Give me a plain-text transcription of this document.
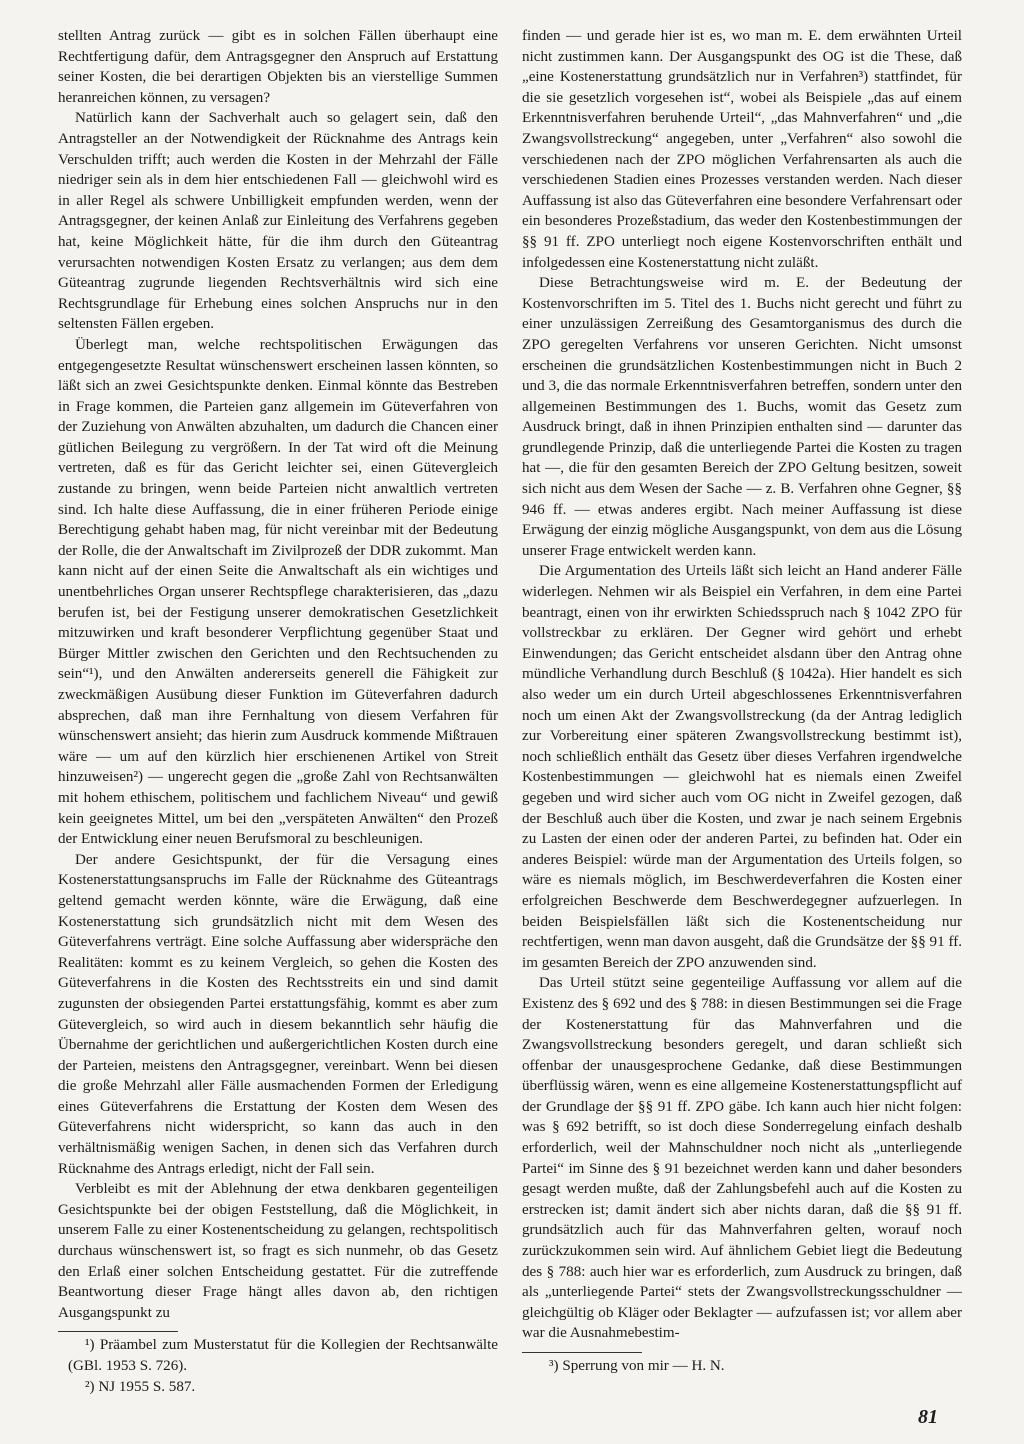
stellten Antrag zurück — gibt es in solchen Fällen überhaupt eine Rechtfertigung dafür, dem Antragsgegner den Anspruch auf Erstattung seiner Kosten, die bei derartigen Objekten bis an vierstellige Summen heranreichen können, zu versagen?

Natürlich kann der Sachverhalt auch so gelagert sein, daß den Antragsteller an der Notwendigkeit der Rücknahme des Antrags kein Verschulden trifft; auch werden die Kosten in der Mehrzahl der Fälle niedriger sein als in dem hier entschiedenen Fall — gleichwohl wird es in aller Regel als schwere Unbilligkeit empfunden werden, wenn der Antragsgegner, der keinen Anlaß zur Einleitung des Verfahrens gegeben hat, keine Möglichkeit hätte, für die ihm durch den Güteantrag verursachten notwendigen Kosten Ersatz zu verlangen; aus dem dem Güteantrag zugrunde liegenden Rechtsverhältnis wird sich eine Rechtsgrundlage für Erhebung eines solchen Anspruchs nur in den seltensten Fällen ergeben.

Überlegt man, welche rechtspolitischen Erwägungen das entgegengesetzte Resultat wünschenswert erscheinen lassen könnten, so läßt sich an zwei Gesichtspunkte denken. Einmal könnte das Bestreben in Frage kommen, die Parteien ganz allgemein im Güteverfahren von der Zuziehung von Anwälten abzuhalten, um dadurch die Chancen einer gütlichen Beilegung zu vergrößern. In der Tat wird oft die Meinung vertreten, daß es für das Gericht leichter sei, einen Gütevergleich zustande zu bringen, wenn beide Parteien nicht anwaltlich vertreten sind. Ich halte diese Auffassung, die in einer früheren Periode einige Berechtigung gehabt haben mag, für nicht vereinbar mit der Bedeutung der Rolle, die der Anwaltschaft im Zivilprozeß der DDR zukommt. Man kann nicht auf der einen Seite die Anwaltschaft als ein wichtiges und unentbehrliches Organ unserer Rechtspflege charakterisieren, das „dazu berufen ist, bei der Festigung unserer demokratischen Gesetzlichkeit mitzuwirken und kraft besonderer Verpflichtung gegenüber Staat und Bürger Mittler zwischen den Gerichten und den Rechtsuchenden zu sein“¹), und den Anwälten andererseits generell die Fähigkeit zur zweckmäßigen Ausübung dieser Funktion im Güteverfahren dadurch absprechen, daß man ihre Fernhaltung von diesem Verfahren für wünschenswert ansieht; das hierin zum Ausdruck kommende Mißtrauen wäre — um auf den kürzlich hier erschienenen Artikel von Streit hinzuweisen²) — ungerecht gegen die „große Zahl von Rechtsanwälten mit hohem ethischem, politischem und fachlichem Niveau“ und gewiß kein geeignetes Mittel, um bei den „verspäteten Anwälten“ den Prozeß der Entwicklung einer neuen Berufsmoral zu beschleunigen.

Der andere Gesichtspunkt, der für die Versagung eines Kostenerstattungsanspruchs im Falle der Rücknahme des Güteantrags geltend gemacht werden könnte, wäre die Erwägung, daß eine Kostenerstattung sich grundsätzlich nicht mit dem Wesen des Güteverfahrens verträgt. Eine solche Auffassung aber widerspräche den Realitäten: kommt es zu keinem Vergleich, so gehen die Kosten des Güteverfahrens in die Kosten des Rechtsstreits ein und sind damit zugunsten der obsiegenden Partei erstattungsfähig, kommt es aber zum Gütevergleich, so wird auch in diesem bekanntlich sehr häufig die Übernahme der gerichtlichen und außergerichtlichen Kosten durch eine der Parteien, meistens den Antragsgegner, vereinbart. Wenn bei diesen die große Mehrzahl aller Fälle ausmachenden Formen der Erledigung eines Güteverfahrens die Erstattung der Kosten dem Wesen des Güteverfahrens nicht widerspricht, so kann das auch in den verhältnismäßig wenigen Sachen, in denen sich das Verfahren durch Rücknahme des Antrags erledigt, nicht der Fall sein.

Verbleibt es mit der Ablehnung der etwa denkbaren gegenteiligen Gesichtspunkte bei der obigen Feststellung, daß die Möglichkeit, in unserem Falle zu einer Kostenentscheidung zu gelangen, rechtspolitisch durchaus wünschenswert ist, so fragt es sich nunmehr, ob das Gesetz den Erlaß einer solchen Entscheidung gestattet. Für die zutreffende Beantwortung dieser Frage hängt alles davon ab, den richtigen Ausgangspunkt zu

¹) Präambel zum Musterstatut für die Kollegien der Rechtsanwälte (GBl. 1953 S. 726).

²) NJ 1955 S. 587.

finden — und gerade hier ist es, wo man m. E. dem erwähnten Urteil nicht zustimmen kann. Der Ausgangspunkt des OG ist die These, daß „eine Kostenerstattung grundsätzlich nur in Verfahren³) stattfindet, für die sie gesetzlich vorgesehen ist“, wobei als Beispiele „das auf einem Erkenntnisverfahren beruhende Urteil“, „das Mahnverfahren“ und „die Zwangsvollstreckung“ angegeben, unter „Verfahren“ also sowohl die verschiedenen nach der ZPO möglichen Verfahrensarten als auch die verschiedenen Stadien eines Prozesses verstanden werden. Nach dieser Auffassung ist also das Güteverfahren eine besondere Verfahrensart oder ein besonderes Prozeßstadium, das weder den Kostenbestimmungen der §§ 91 ff. ZPO unterliegt noch eigene Kostenvorschriften enthält und infolgedessen eine Kostenerstattung nicht zuläßt.

Diese Betrachtungsweise wird m. E. der Bedeutung der Kostenvorschriften im 5. Titel des 1. Buchs nicht gerecht und führt zu einer unzulässigen Zerreißung des Gesamtorganismus des durch die ZPO geregelten Verfahrens vor unseren Gerichten. Nicht umsonst erscheinen die grundsätzlichen Kostenbestimmungen nicht in Buch 2 und 3, die das normale Erkenntnisverfahren betreffen, sondern unter den allgemeinen Bestimmungen des 1. Buchs, womit das Gesetz zum Ausdruck bringt, daß in ihnen Prinzipien enthalten sind — darunter das grundlegende Prinzip, daß die unterliegende Partei die Kosten zu tragen hat —, die für den gesamten Bereich der ZPO Geltung besitzen, soweit sich nicht aus dem Wesen der Sache — z. B. Verfahren ohne Gegner, §§ 946 ff. — etwas anderes ergibt. Nach meiner Auffassung ist diese Erwägung der einzig mögliche Ausgangspunkt, von dem aus die Lösung unserer Frage entwickelt werden kann.

Die Argumentation des Urteils läßt sich leicht an Hand anderer Fälle widerlegen. Nehmen wir als Beispiel ein Verfahren, in dem eine Partei beantragt, einen von ihr erwirkten Schiedsspruch nach § 1042 ZPO für vollstreckbar zu erklären. Der Gegner wird gehört und erhebt Einwendungen; das Gericht entscheidet alsdann über den Antrag ohne mündliche Verhandlung durch Beschluß (§ 1042a). Hier handelt es sich also weder um ein durch Urteil abgeschlossenes Erkenntnisverfahren noch um einen Akt der Zwangsvollstreckung (da der Antrag lediglich zur Vorbereitung einer späteren Zwangsvollstreckung bestimmt ist), noch schließlich enthält das Gesetz über dieses Verfahren irgendwelche Kostenbestimmungen — gleichwohl hat es niemals einen Zweifel gegeben und wird sicher auch vom OG nicht in Zweifel gezogen, daß der Beschluß auch über die Kosten, und zwar je nach seinem Ergebnis zu Lasten der einen oder der anderen Partei, zu befinden hat. Oder ein anderes Beispiel: würde man der Argumentation des Urteils folgen, so wäre es niemals möglich, im Beschwerdeverfahren die Kosten einer erfolgreichen Beschwerde dem Beschwerdegegner aufzuerlegen. In beiden Beispielsfällen läßt sich die Kostenentscheidung nur rechtfertigen, wenn man davon ausgeht, daß die Grundsätze der §§ 91 ff. im gesamten Bereich der ZPO anzuwenden sind.

Das Urteil stützt seine gegenteilige Auffassung vor allem auf die Existenz des § 692 und des § 788: in diesen Bestimmungen sei die Frage der Kostenerstattung für das Mahnverfahren und die Zwangsvollstreckung besonders geregelt, und daran schließt sich offenbar der unausgesprochene Gedanke, daß diese Bestimmungen überflüssig wären, wenn es eine allgemeine Kostenerstattungspflicht auf der Grundlage der §§ 91 ff. ZPO gäbe. Ich kann auch hier nicht folgen: was § 692 betrifft, so ist doch diese Sonderregelung einfach deshalb erforderlich, weil der Mahnschuldner noch nicht als „unterliegende Partei“ im Sinne des § 91 bezeichnet werden kann und daher besonders gesagt werden mußte, daß der Zahlungsbefehl auch auf die Kosten zu erstrecken ist; damit ändert sich aber nichts daran, daß die §§ 91 ff. grundsätzlich auch für das Mahnverfahren gelten, worauf noch zurückzukommen sein wird. Auf ähnlichem Gebiet liegt die Bedeutung des § 788: auch hier war es erforderlich, zum Ausdruck zu bringen, daß als „unterliegende Partei“ stets der Zwangsvollstreckungsschuldner — gleichgültig ob Kläger oder Beklagter — aufzufassen ist; vor allem aber war die Ausnahmebestim-

³) Sperrung von mir — H. N.

81
